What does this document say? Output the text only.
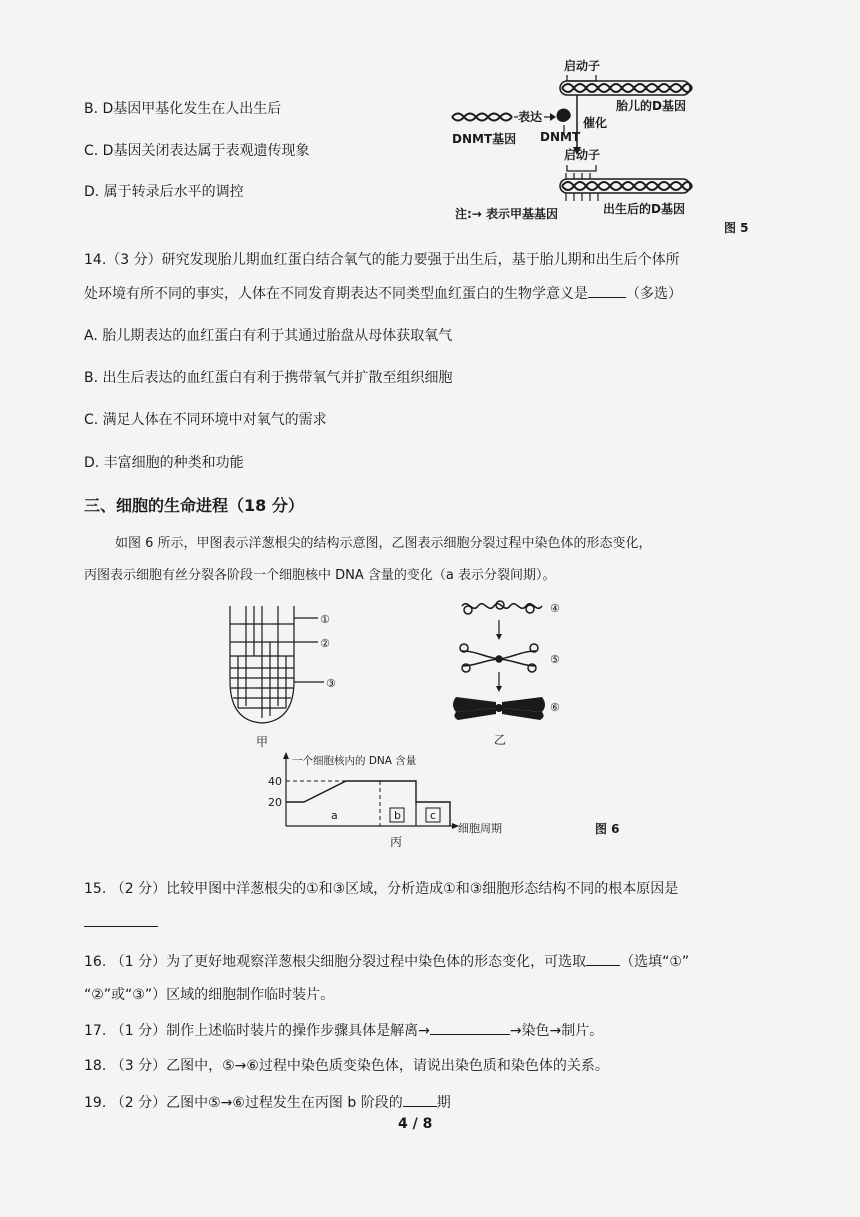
B. D基因甲基化发生在人出生后
C. D基因关闭表达属于表观遗传现象
D. 属于转录后水平的调控
启动子
胎儿的D基因
表达
DNMT基因 DNMT
催化
启动子
注:→ 表示甲基基因	出生后的D基因
图 5
14.（3 分）研究发现胎儿期血红蛋白结合氧气的能力要强于出生后，基于胎儿期和出生后个体所
处环境有所不同的事实，人体在不同发育期表达不同类型血红蛋白的生物学意义是	（多选）
A. 胎儿期表达的血红蛋白有利于其通过胎盘从母体获取氧气
B. 出生后表达的血红蛋白有利于携带氧气并扩散至组织细胞
C. 满足人体在不同环境中对氧气的需求
D. 丰富细胞的种类和功能
三、细胞的生命进程（18 分）
如图 6 所示，甲图表示洋葱根尖的结构示意图，乙图表示细胞分裂过程中染色体的形态变化，
丙图表示细胞有丝分裂各阶段一个细胞核中 DNA 含量的变化（a 表示分裂间期）。
①
②
③
甲
④
⑤
⑥
乙
一个细胞核内的 DNA 含量
40
20
a	b	c
细胞周期
丙
图 6
15. （2 分）比较甲图中洋葱根尖的①和③区域，分析造成①和③细胞形态结构不同的根本原因是
16. （1 分）为了更好地观察洋葱根尖细胞分裂过程中染色体的形态变化，可选取 （选填“①”
“②”或“③”）区域的细胞制作临时装片。
17. （1 分）制作上述临时装片的操作步骤具体是解离→	→染色→制片。
18. （3 分）乙图中，⑤→⑥过程中染色质变染色体，请说出染色质和染色体的关系。
19. （2 分）乙图中⑤→⑥过程发生在丙图 b 阶段的 期
4 / 8
